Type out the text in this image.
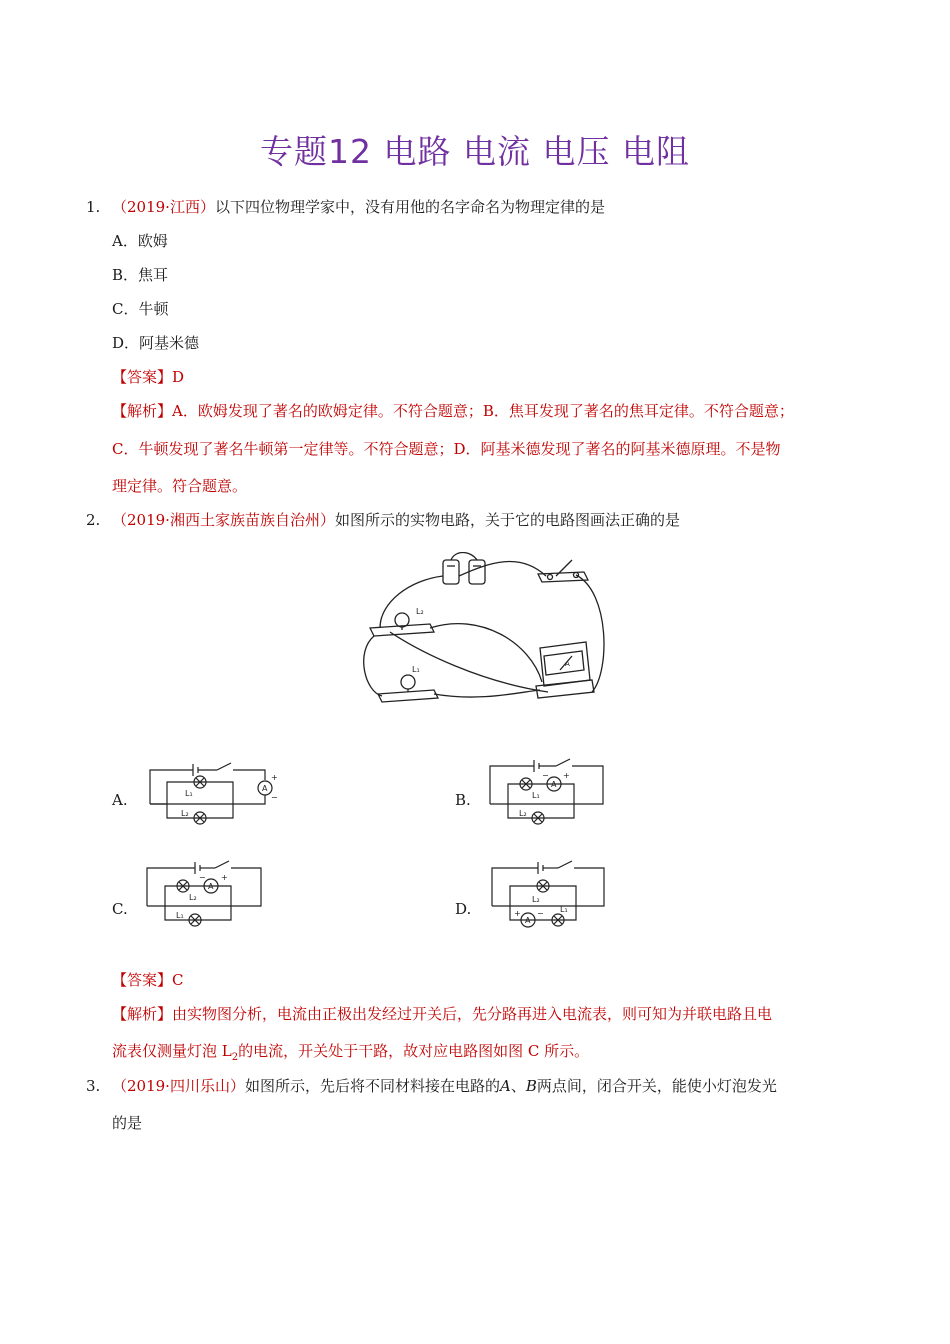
专题12 电路 电流 电压 电阻
1. （2019·江西）以下四位物理学家中，没有用他的名字命名为物理定律的是
A．欧姆
B．焦耳
C．牛顿
D．阿基米德
【答案】D
【解析】A．欧姆发现了著名的欧姆定律。不符合题意；B．焦耳发现了著名的焦耳定律。不符合题意；
C．牛顿发现了著名牛顿第一定律等。不符合题意；D．阿基米德发现了著名的阿基米德原理。不是物
理定律。符合题意。
2. （2019·湘西土家族苗族自治州）如图所示的实物电路，关于它的电路图画法正确的是
L₂
L₁
A
A.	B.
C.	D.
A
+
−
L₁
L₂
A
− +
L₁
L₂
A
− +
L₂
L₁
A
+ −
L₂
L₁
【答案】C
【解析】由实物图分析，电流由正极出发经过开关后，先分路再进入电流表，则可知为并联电路且电
流表仅测量灯泡 $L_2$的电流，开关处于干路，故对应电路图如图 C 所示。
3. （2019·四川乐山）如图所示，先后将不同材料接在电路的A、B两点间，闭合开关，能使小灯泡发光
的是
